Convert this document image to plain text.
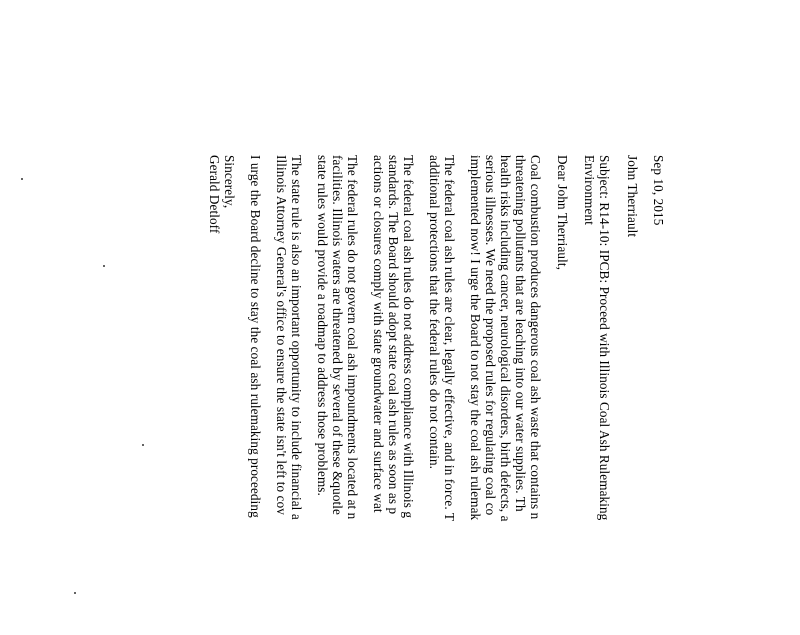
Sep 10, 2015
John Therriault
Subject: R14-10: IPCB: Proceed with Illinois Coal Ash Rulemaking
Environment
Dear John Therriault,
Coal combustion produces dangerous coal ash waste that contains n
threatening pollutants that are leaching into our water supplies. Th
health risks including cancer, neurological disorders, birth defects, a
serious illnesses. We need the proposed rules for regulating coal co
implemented now! I urge the Board to not stay the coal ash rulemak
The federal coal ash rules are clear, legally effective, and in force. T
additional protections that the federal rules do not contain.
The federal coal ash rules do not address compliance with Illinois g
standards. The Board should adopt state coal ash rules as soon as p
actions or closures comply with state groundwater and surface wat
The federal rules do not govern coal ash impoundments located at n
facilities. Illinois waters are threatened by several of these &quotle
state rules would provide a roadmap to address those problems.
The state rule is also an important opportunity to include financial a
Illinois Attorney General's office to ensure the state isn't left to cov
I urge the Board decline to stay the coal ash rulemaking proceeding
Sincerely,
Gerald Detloff
